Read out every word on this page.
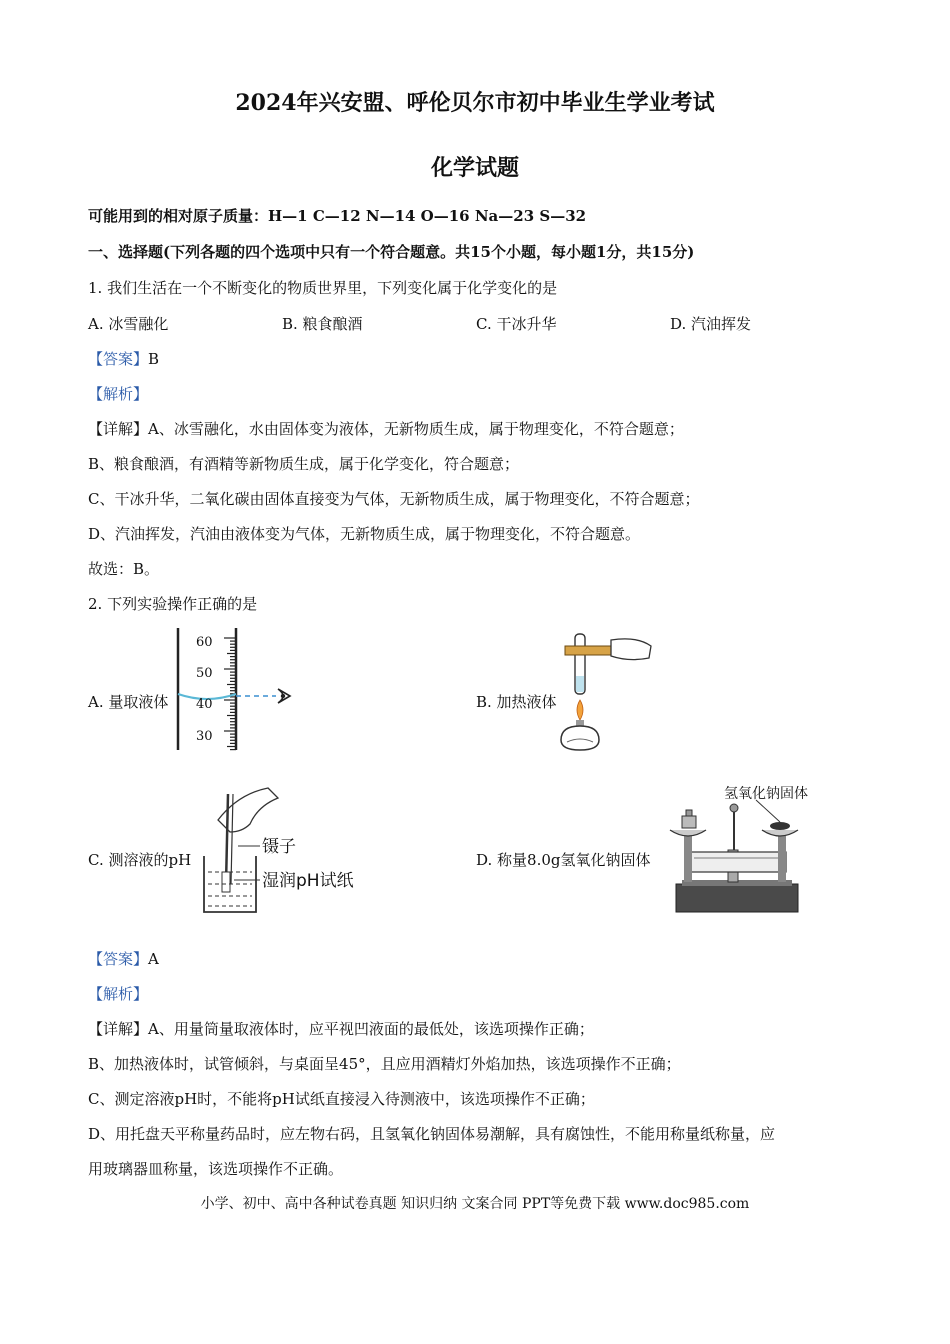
2024年兴安盟、呼伦贝尔市初中毕业生学业考试
化学试题
可能用到的相对原子质量：H—1 C—12 N—14 O—16 Na—23 S—32
一、选择题(下列各题的四个选项中只有一个符合题意。共15个小题，每小题1分，共15分)
1. 我们生活在一个不断变化的物质世界里，下列变化属于化学变化的是
A. 冰雪融化	B. 粮食酿酒	C. 干冰升华	D. 汽油挥发
【答案】B
【解析】
【详解】A、冰雪融化，水由固体变为液体，无新物质生成，属于物理变化，不符合题意；
B、粮食酿酒，有酒精等新物质生成，属于化学变化，符合题意；
C、干冰升华，二氧化碳由固体直接变为气体，无新物质生成，属于物理变化，不符合题意；
D、汽油挥发，汽油由液体变为气体，无新物质生成，属于物理变化，不符合题意。
故选：B。
2. 下列实验操作正确的是
A. 量取液体
60
50
40
30
B. 加热液体
C. 测溶液的pH
镊子
湿润pH试纸
D. 称量8.0g氢氧化钠固体
氢氧化钠固体
【答案】A
【解析】
【详解】A、用量筒量取液体时，应平视凹液面的最低处，该选项操作正确；
B、加热液体时，试管倾斜，与桌面呈45°，且应用酒精灯外焰加热，该选项操作不正确；
C、测定溶液pH时，不能将pH试纸直接浸入待测液中，该选项操作不正确；
D、用托盘天平称量药品时，应左物右码，且氢氧化钠固体易潮解，具有腐蚀性，不能用称量纸称量，应
用玻璃器皿称量，该选项操作不正确。
小学、初中、高中各种试卷真题 知识归纳 文案合同 PPT等免费下载 www.doc985.com
